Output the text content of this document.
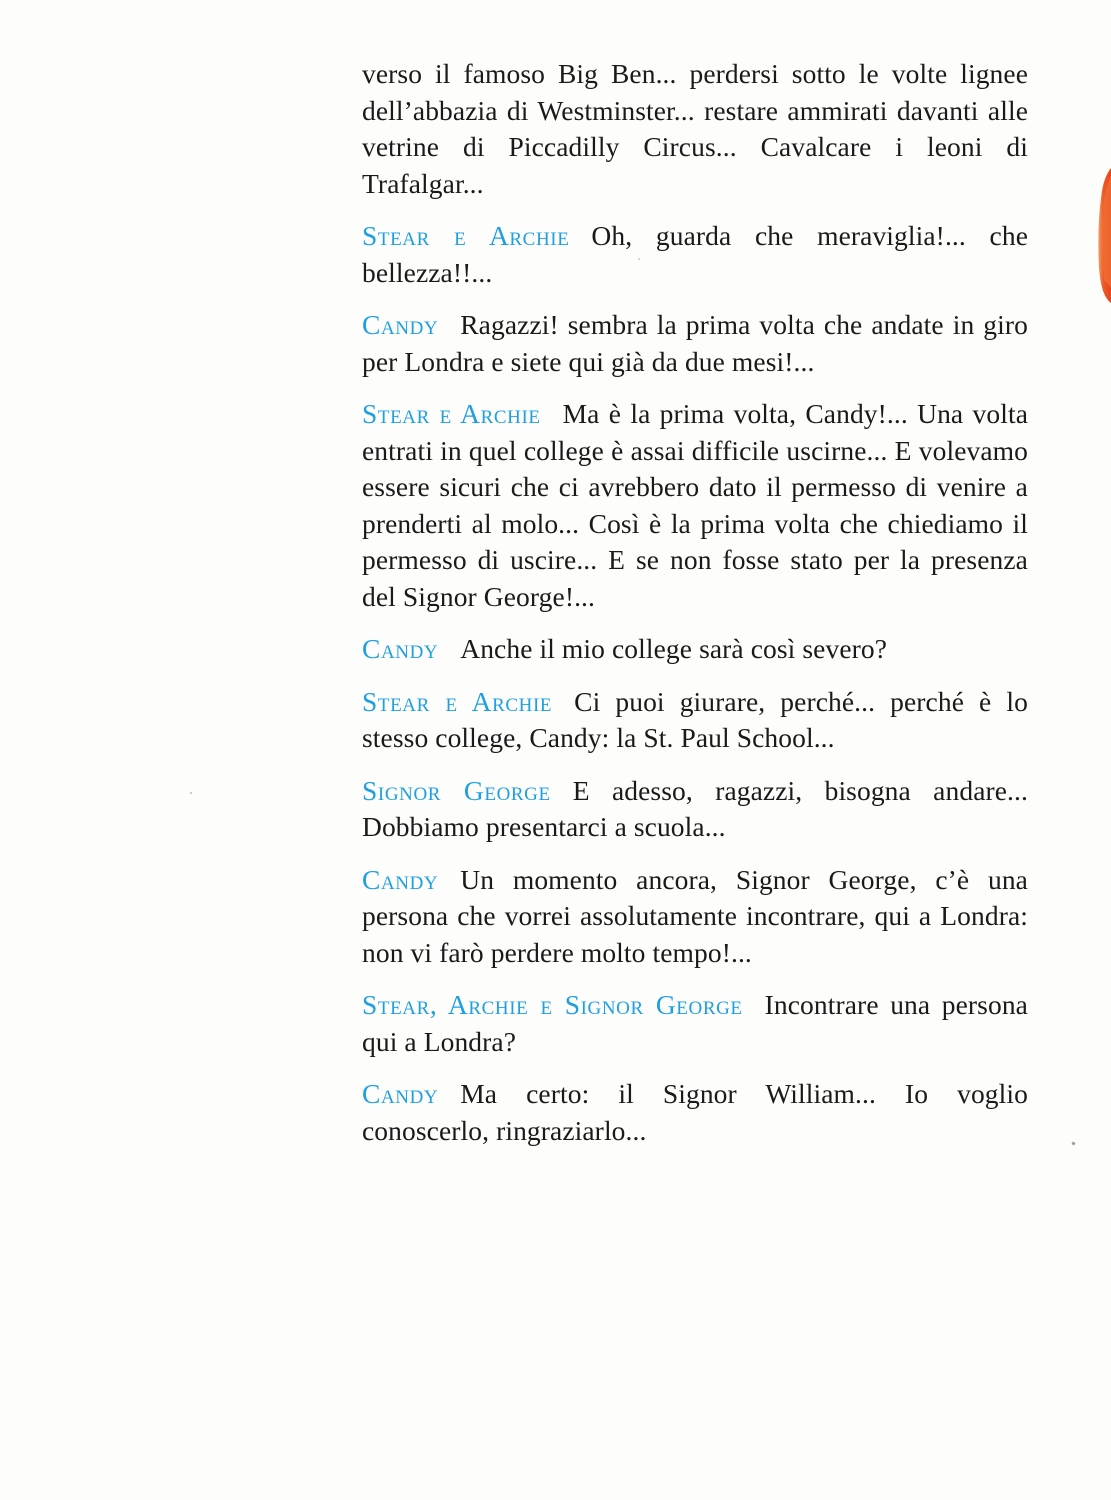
verso il famoso Big Ben... perdersi sotto le volte lignee dell’abbazia di Westminster... restare ammirati davanti alle vetrine di Piccadilly Circus... Cavalcare i leoni di Trafalgar...

Stear e Archie Oh, guarda che meraviglia!... che bellezza!!...

Candy Ragazzi! sembra la prima volta che andate in giro per Londra e siete qui già da due mesi!...

Stear e Archie Ma è la prima volta, Candy!... Una volta entrati in quel college è assai difficile uscirne... E volevamo essere sicuri che ci avrebbero dato il permesso di venire a prenderti al molo... Così è la prima volta che chiediamo il permesso di uscire... E se non fosse stato per la presenza del Signor George!...

Candy Anche il mio college sarà così severo?

Stear e Archie Ci puoi giurare, perché... perché è lo stesso college, Candy: la St. Paul School...

Signor George E adesso, ragazzi, bisogna andare... Dobbiamo presentarci a scuola...

Candy Un momento ancora, Signor George, c’è una persona che vorrei assolutamente incontrare, qui a Londra: non vi farò perdere molto tempo!...

Stear, Archie e Signor George Incontrare una persona qui a Londra?

Candy Ma certo: il Signor William... Io voglio conoscerlo, ringraziarlo...
